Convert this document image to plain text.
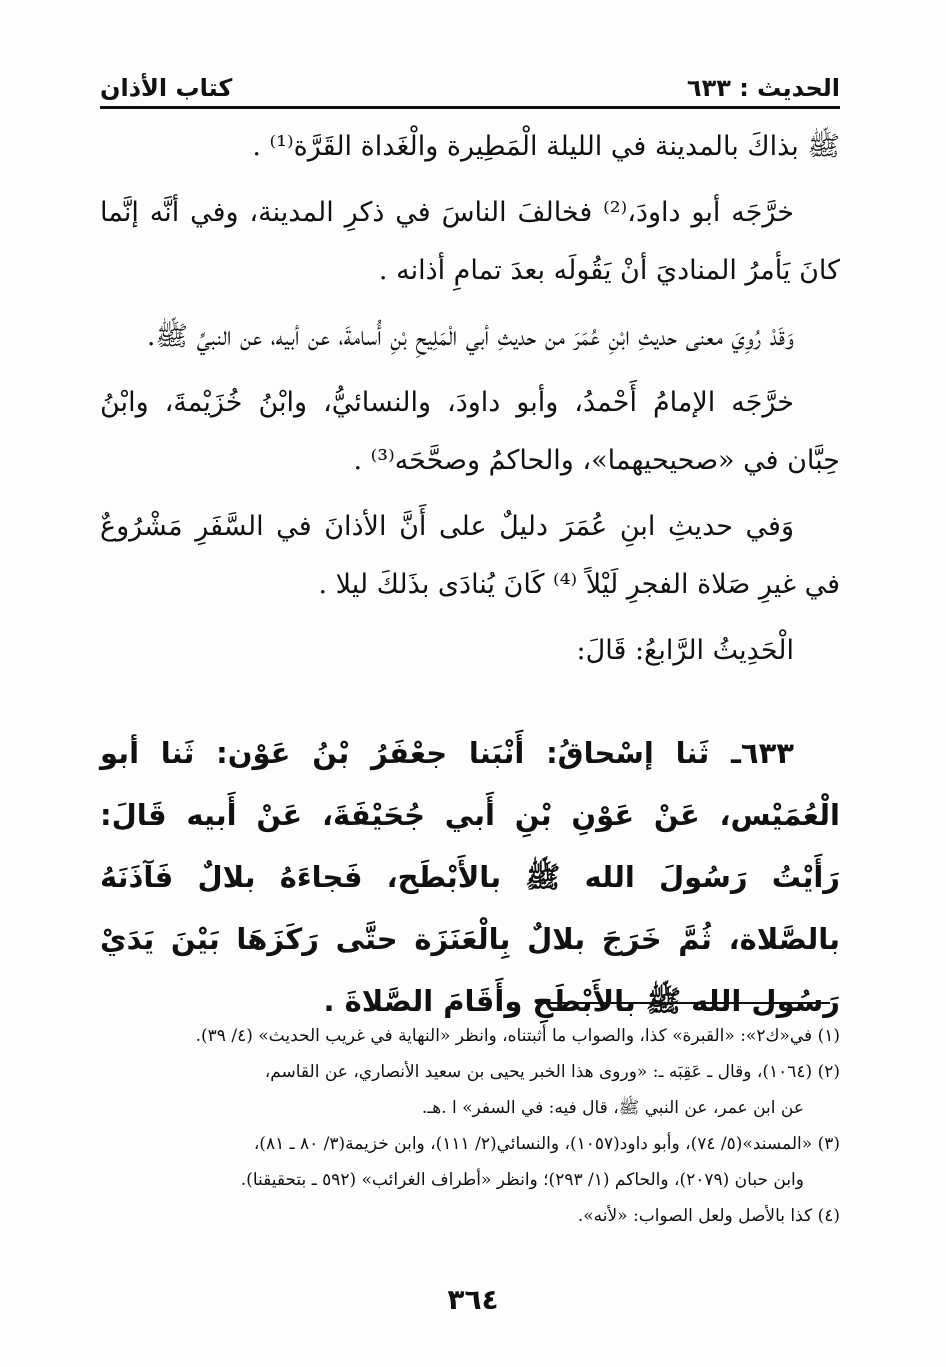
كتاب الأذان	الحديث : ٦٣٣

ﷺ بذاكَ بالمدينة في الليلة الْمَطِيرة والْغَداة القَرَّة⁽¹⁾ .

خرَّجَه أبو داودَ،⁽²⁾ فخالفَ الناسَ في ذكرِ المدينة، وفي أنَّه إنَّما كانَ يَأمرُ المناديَ أنْ يَقُولَه بعدَ تمامِ أذانه .

وَقَدْ رُوِيَ معنى حديثِ ابْنِ عُمَرَ من حديثِ أبي الْمَلِيحِ بْنِ أُسامةَ، عن أبيه، عن النبيِّ ﷺ.

خرَّجَه الإمامُ أَحْمدُ، وأبو داودَ، والنسائيُّ، وابْنُ خُزَيْمةَ، وابْنُ حِبَّان في «صحيحيهما»، والحاكمُ وصحَّحَه⁽³⁾ .

وَفي حديثِ ابنِ عُمَرَ دليلٌ على أَنَّ الأذانَ في السَّفَرِ مَشْرُوعٌ في غيرِ صَلاة الفجرِ لَيْلاً ⁽⁴⁾ كَانَ يُنادَى بذَلكَ ليلا .

الْحَدِيثُ الرَّابعُ: قَالَ:

٦٣٣ـ ثَنا إسْحاقُ: أَنْبَنا جعْفَرُ بْنُ عَوْن: ثَنا أبو الْعُمَيْس، عَنْ عَوْنِ بْنِ أَبي جُحَيْفَةَ، عَنْ أَبيه قَالَ: رَأَيْتُ رَسُولَ الله ﷺ بالأَبْطَح، فَجاءَهُ بلالٌ فَآذَنَهُ بالصَّلاة، ثُمَّ خَرَجَ بلالٌ بِالْعَنَزَة حتَّى رَكَزَهَا بَيْنَ يَدَيْ رَسُول الله ﷺ بالأَبْطَحِ وأَقَامَ الصَّلاةَ .

(١) في«ك٢»: «القبرة» كذا، والصواب ما أثبتناه، وانظر «النهاية في غريب الحديث» (٤/ ٣٩).

(٢) (١٠٦٤)، وقال ـ عَقِبَه ـ: «وروى هذا الخبر يحيى بن سعيد الأنصاري، عن القاسم،

عن ابن عمر، عن النبي ﷺ، قال فيه: في السفر» ا .هـ.

(٣) «المسند»(٥/ ٧٤)، وأبو داود(١٠٥٧)، والنسائي(٢/ ١١١)، وابن خزيمة(٣/ ٨٠ ـ ٨١)،

وابن حبان (٢٠٧٩)، والحاكم (١/ ٢٩٣)؛ وانظر «أطراف الغرائب» (٥٩٢ ـ بتحقيقنا).

(٤) كذا بالأصل ولعل الصواب: «لأنه».

٣٦٤
